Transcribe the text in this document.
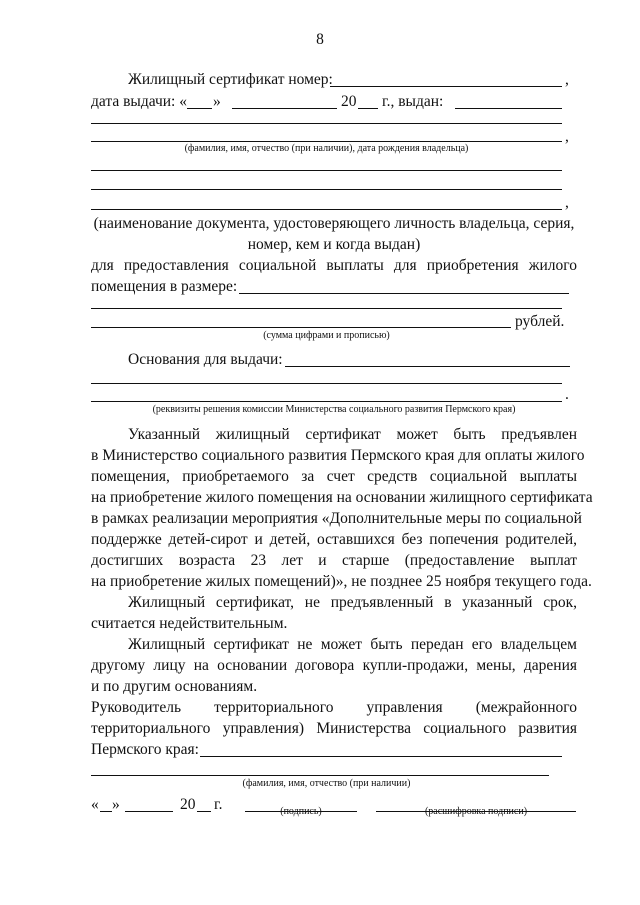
8
Жилищный сертификат номер:	,
дата выдачи: « »	20 г., выдан:
,
(фамилия, имя, отчество (при наличии), дата рождения владельца)
,
(наименование документа, удостоверяющего личность владельца, серия,
номер, кем и когда выдан)
для предоставления социальной выплаты для приобретения жилого
помещения в размере:
рублей.
(сумма цифрами и прописью)
Основания для выдачи:
.
(реквизиты решения комиссии Министерства социального развития Пермского края)
Указанный жилищный сертификат может быть предъявлен
в Министерство социального развития Пермского края для оплаты жилого
помещения, приобретаемого за счет средств социальной выплаты
на приобретение жилого помещения на основании жилищного сертификата
в рамках реализации мероприятия «Дополнительные меры по социальной
поддержке детей-сирот и детей, оставшихся без попечения родителей,
достигших возраста 23 лет и старше (предоставление выплат
на приобретение жилых помещений)», не позднее 25 ноября текущего года.
Жилищный сертификат, не предъявленный в указанный срок,
считается недействительным.
Жилищный сертификат не может быть передан его владельцем
другому лицу на основании договора купли-продажи, мены, дарения
и по другим основаниям.
Руководитель территориального управления (межрайонного
территориального управления) Министерства социального развития
Пермского края:
(фамилия, имя, отчество (при наличии)
« »	20 г.	(подпись)	(расшифровка подписи)
